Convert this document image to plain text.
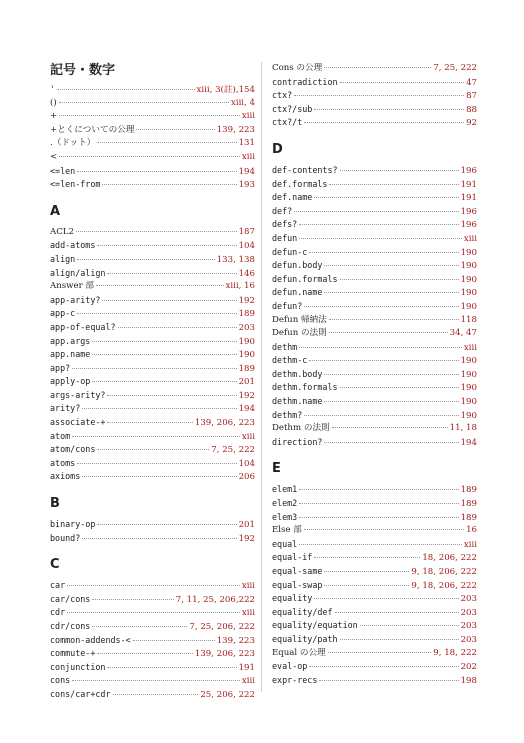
記号・数字
'	xiii, 3(註),154
()	xiii, 4
+	xiii
+とくについての公理	139, 223
.（ドット）	131
<	xiii
<=len	194
<=len-from	193
A
ACL2	187
add-atoms	104
align	133, 138
align/align	146
Answer 部	xiii, 16
app-arity?	192
app-c	189
app-of-equal?	203
app.args	190
app.name	190
app?	189
apply-op	201
args-arity?	192
arity?	194
associate-+	139, 206, 223
atom	xiii
atom/cons	7, 25, 222
atoms	104
axioms	206
B
binary-op	201
bound?	192
C
car	xiii
car/cons	7, 11, 25, 206,222
cdr	xiii
cdr/cons	7, 25, 206, 222
common-addends-<	139, 223
commute-+	139, 206, 223
conjunction	191
cons	xiii
cons/car+cdr	25, 206, 222
Cons の公理	7, 25, 222
contradiction	47
ctx?	87
ctx?/sub	88
ctx?/t	92
D
def-contents?	196
def.formals	191
def.name	191
def?	196
defs?	196
defun	xiii
defun-c	190
defun.body	190
defun.formals	190
defun.name	190
defun?	190
Defun 帰納法	118
Defun の法則	34, 47
dethm	xiii
dethm-c	190
dethm.body	190
dethm.formals	190
dethm.name	190
dethm?	190
Dethm の法則	11, 18
direction?	194
E
elem1	189
elem2	189
elem3	189
Else 部	16
equal	xiii
equal-if	18, 206, 222
equal-same	9, 18, 206, 222
equal-swap	9, 18, 206, 222
equality	203
equality/def	203
equality/equation	203
equality/path	203
Equal の公理	9, 18, 222
eval-op	202
expr-recs	198
